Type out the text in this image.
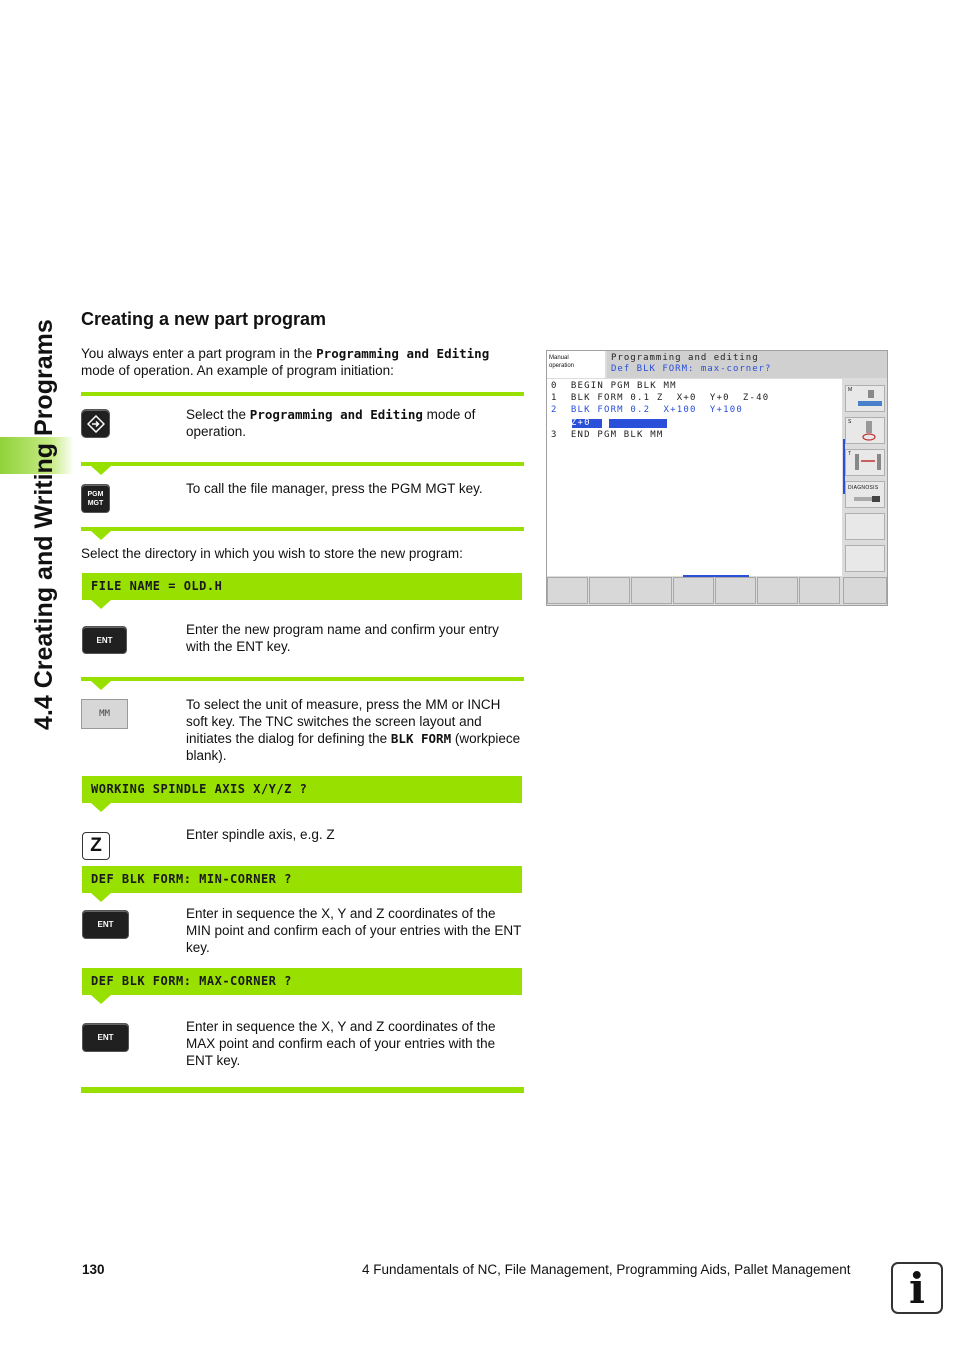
4.4 Creating and Writing Programs
Creating a new part program
You always enter a part program in the Programming and Editing mode of operation. An example of program initiation:
Select the Programming and Editing mode of operation.
PGM
MGT
To call the file manager, press the PGM MGT key.
Select the directory in which you wish to store the new program:
FILE NAME = OLD.H
ENT
Enter the new program name and confirm your entry with the ENT key.
MM
To select the unit of measure, press the MM or INCH soft key. The TNC switches the screen layout and initiates the dialog for defining the BLK FORM (workpiece blank).
WORKING SPINDLE AXIS X/Y/Z ?
Z
Enter spindle axis, e.g. Z
DEF BLK FORM: MIN-CORNER ?
ENT
Enter in sequence the X, Y and Z coordinates of the MIN point and confirm each of your entries with the ENT key.
DEF BLK FORM: MAX-CORNER ?
ENT
Enter in sequence the X, Y and Z coordinates of the MAX point and confirm each of your entries with the ENT key.
Manual
operation
Programming and editing
Def BLK FORM: max-corner?
0  BEGIN PGM BLK MM
1  BLK FORM 0.1 Z  X+0  Y+0  Z-40
2  BLK FORM 0.2  X+100  Y+100
Z+0
3  END PGM BLK MM
M
S
T
DIAGNOSIS
130	4 Fundamentals of NC, File Management, Programming Aids, Pallet Management	i
